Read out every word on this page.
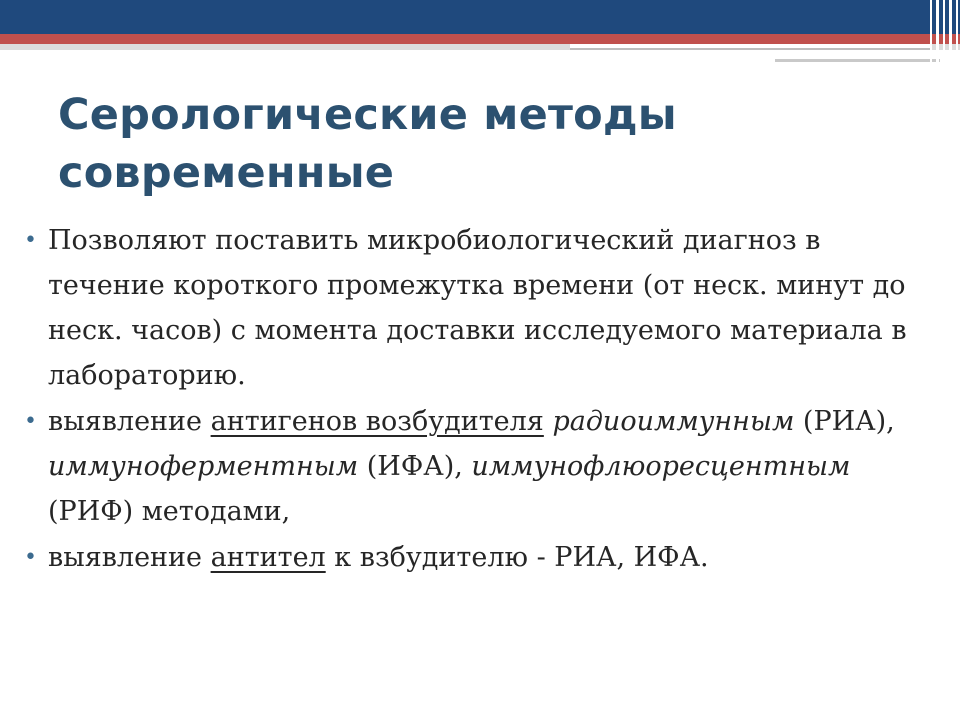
Серологические методы
современные
• Позволяют поставить микробиологический диагноз в течение короткого промежутка времени (от неск. минут до неск. часов) с момента доставки исследуемого материала в лабораторию.
• выявление антигенов возбудителя радиоиммунным (РИА), иммуноферментным (ИФА), иммунофлюоресцентным (РИФ) методами,
• выявление антител к взбудителю - РИА, ИФА.
